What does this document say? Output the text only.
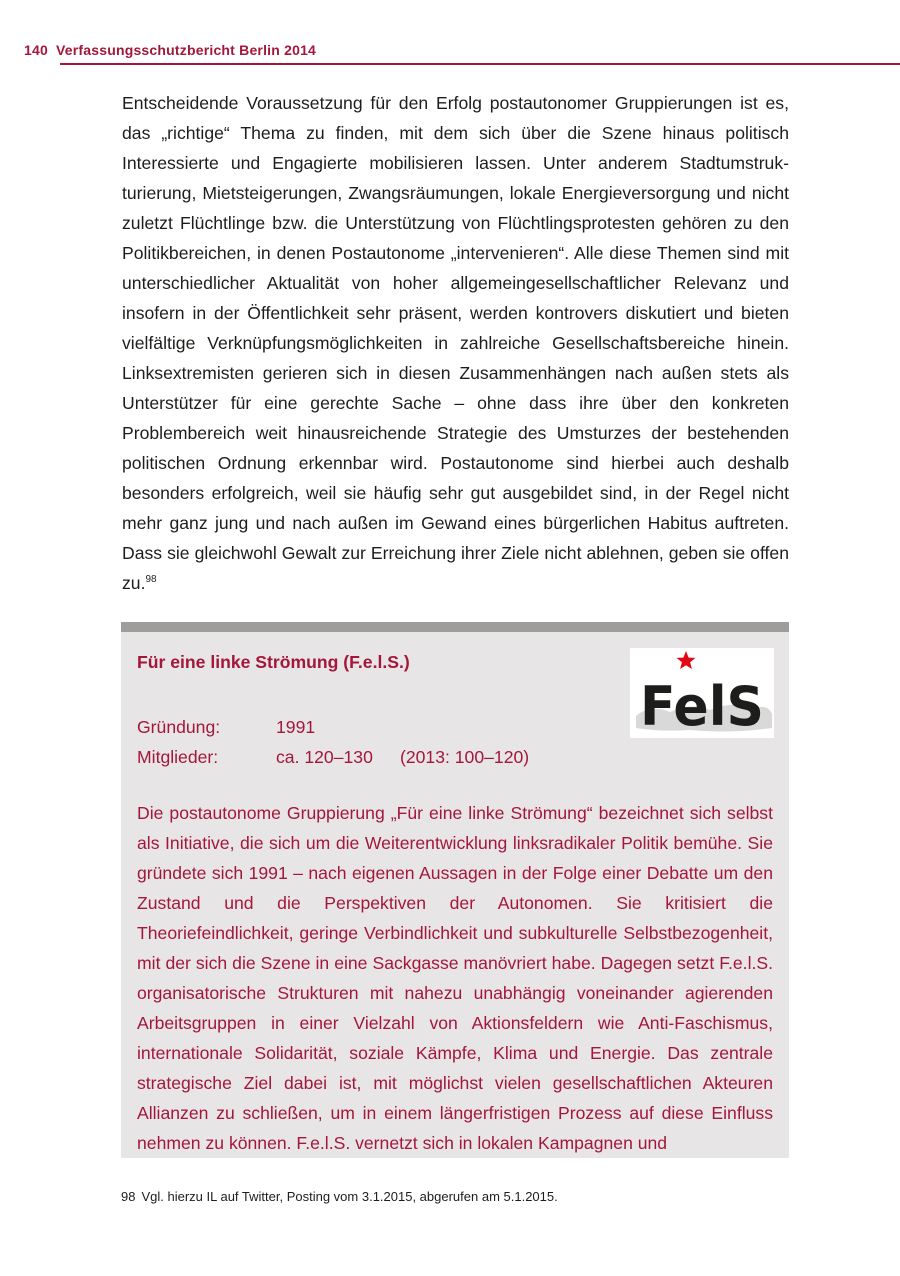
140 Verfassungsschutzbericht Berlin 2014
Entscheidende Voraussetzung für den Erfolg postautonomer Gruppierungen ist es, das „richtige“ Thema zu finden, mit dem sich über die Szene hinaus politisch Interessierte und Engagierte mobilisieren lassen. Unter anderem Stadtumstrukturierung, Mietsteigerungen, Zwangsräumungen, lokale Energieversorgung und nicht zuletzt Flüchtlinge bzw. die Unterstützung von Flüchtlingsprotesten gehören zu den Politikbereichen, in denen Postautonome „intervenieren“. Alle diese Themen sind mit unterschiedlicher Aktualität von hoher allgemeingesellschaftlicher Relevanz und insofern in der Öffentlichkeit sehr präsent, werden kontrovers diskutiert und bieten vielfältige Verknüpfungsmöglichkeiten in zahlreiche Gesellschaftsbereiche hinein. Linksextremisten gerieren sich in diesen Zusammenhängen nach außen stets als Unterstützer für eine gerechte Sache – ohne dass ihre über den konkreten Problembereich weit hinausreichende Strategie des Umsturzes der bestehenden politischen Ordnung erkennbar wird. Postautonome sind hierbei auch deshalb besonders erfolgreich, weil sie häufig sehr gut ausgebildet sind, in der Regel nicht mehr ganz jung und nach außen im Gewand eines bürgerlichen Habitus auftreten. Dass sie gleichwohl Gewalt zur Erreichung ihrer Ziele nicht ablehnen, geben sie offen zu.$^{98}$
Für eine linke Strömung (F.e.l.S.)
FelS
Gründung:	1991
Mitglieder:	ca. 120–130	(2013: 100–120)
Die postautonome Gruppierung „Für eine linke Strömung“ bezeichnet sich selbst als Initiative, die sich um die Weiterentwicklung linksradikaler Politik bemühe. Sie gründete sich 1991 – nach eigenen Aussagen in der Folge einer Debatte um den Zustand und die Perspektiven der Autonomen. Sie kritisiert die Theoriefeindlichkeit, geringe Verbindlichkeit und subkulturelle Selbstbezogenheit, mit der sich die Szene in eine Sackgasse manövriert habe. Dagegen setzt F.e.l.S. organisatorische Strukturen mit nahezu unabhängig voneinander agierenden Arbeitsgruppen in einer Vielzahl von Aktionsfeldern wie Anti-Faschismus, internationale Solidarität, soziale Kämpfe, Klima und Energie. Das zentrale strategische Ziel dabei ist, mit möglichst vielen gesellschaftlichen Akteuren Allianzen zu schließen, um in einem längerfristigen Prozess auf diese Einfluss nehmen zu können. F.e.l.S. vernetzt sich in lokalen Kampagnen und
98 Vgl. hierzu IL auf Twitter, Posting vom 3.1.2015, abgerufen am 5.1.2015.
